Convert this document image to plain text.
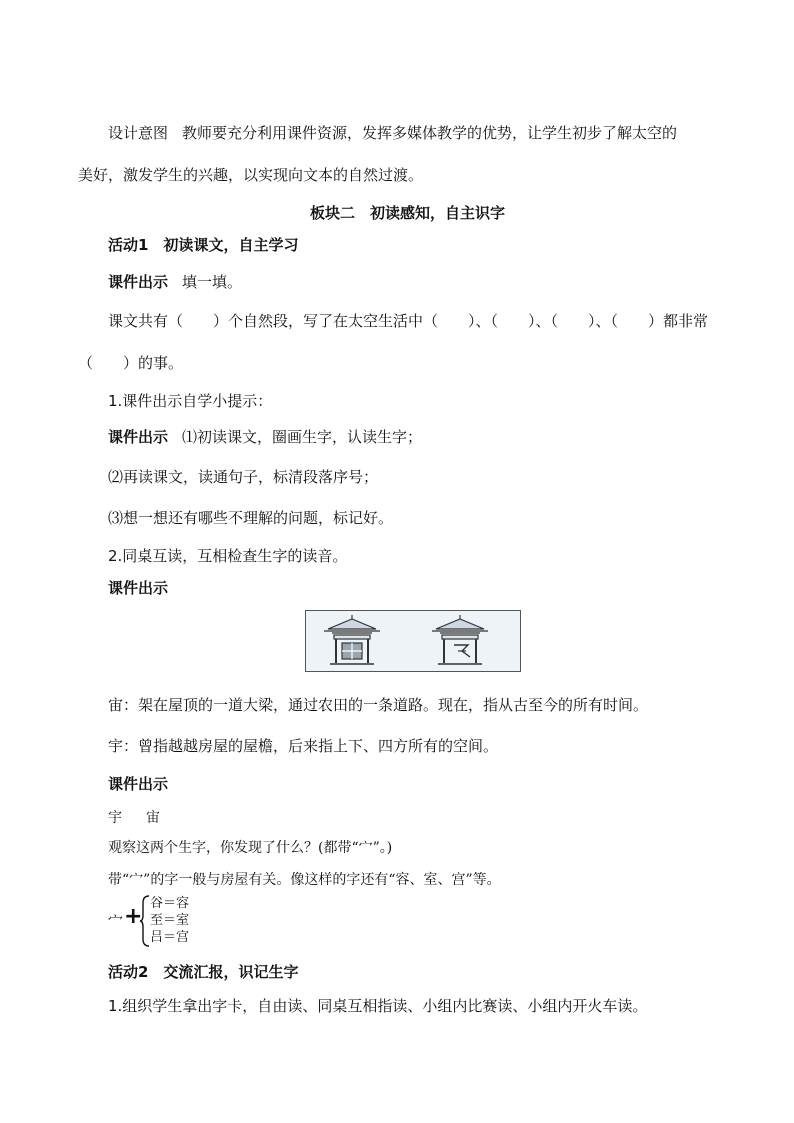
设计意图 教师要充分利用课件资源，发挥多媒体教学的优势，让学生初步了解太空的
美好，激发学生的兴趣，以实现向文本的自然过渡。
板块二　初读感知，自主识字
活动1　初读课文，自主学习
课件出示 填一填。
课文共有（　　）个自然段，写了在太空生活中（　　）、（　　）、（　　）、（　　）都非常
（　　）的事。
1.课件出示自学小提示：
课件出示 ⑴初读课文，圈画生字，认读生字；
⑵再读课文，读通句子，标清段落序号；
⑶想一想还有哪些不理解的问题，标记好。
2.同桌互读，互相检查生字的读音。
课件出示
宙：架在屋顶的一道大梁，通过农田的一条道路。现在，指从古至今的所有时间。
宇：曾指越越房屋的屋檐，后来指上下、四方所有的空间。
课件出示
宇 宙
观察这两个生字，你发现了什么？(都带“宀”。)
带“宀”的字一般与房屋有关。像这样的字还有“容、室、宫”等。
宀 +
谷＝容
至＝室
吕＝宫
活动2　交流汇报，识记生字
1.组织学生拿出字卡，自由读、同桌互相指读、小组内比赛读、小组内开火车读。
